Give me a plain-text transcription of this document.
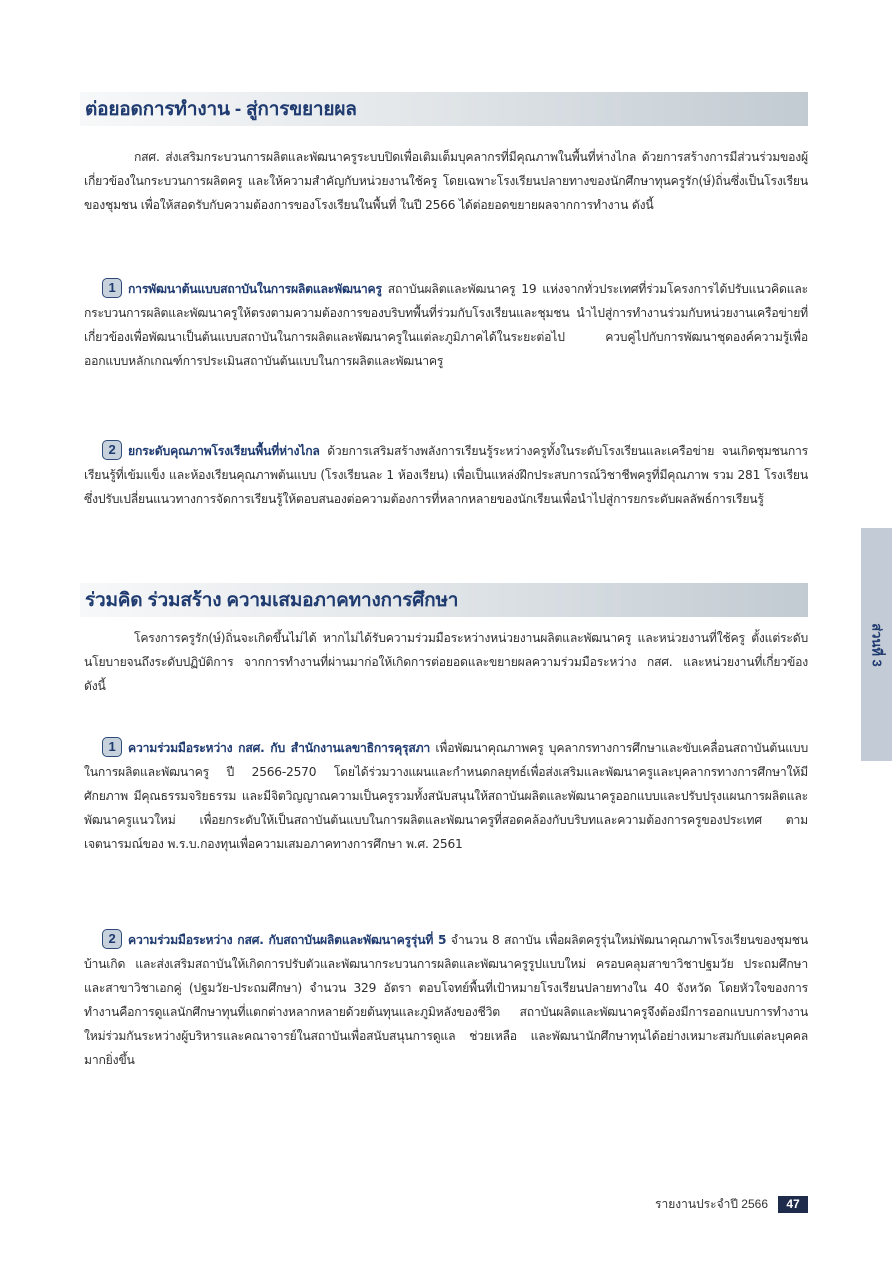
ต่อยอดการทำงาน - สู่การขยายผล

กสศ. ส่งเสริมกระบวนการผลิตและพัฒนาครูระบบปิดเพื่อเติมเต็มบุคลากรที่มีคุณภาพในพื้นที่ห่างไกล ด้วยการสร้างการมีส่วนร่วมของผู้เกี่ยวข้องในกระบวนการผลิตครู และให้ความสำคัญกับหน่วยงานใช้ครู โดยเฉพาะโรงเรียนปลายทางของนักศึกษาทุนครูรัก(ษ์)ถิ่นซึ่งเป็นโรงเรียนของชุมชน เพื่อให้สอดรับกับความต้องการของโรงเรียนในพื้นที่ ในปี 2566 ได้ต่อยอดขยายผลจากการทำงาน ดังนี้

1 การพัฒนาต้นแบบสถาบันในการผลิตและพัฒนาครู สถาบันผลิตและพัฒนาครู 19 แห่งจากทั่วประเทศที่ร่วมโครงการได้ปรับแนวคิดและกระบวนการผลิตและพัฒนาครูให้ตรงตามความต้องการของบริบทพื้นที่ร่วมกับโรงเรียนและชุมชน นำไปสู่การทำงานร่วมกับหน่วยงานเครือข่ายที่เกี่ยวข้องเพื่อพัฒนาเป็นต้นแบบสถาบันในการผลิตและพัฒนาครูในแต่ละภูมิภาคได้ในระยะต่อไป ควบคู่ไปกับการพัฒนาชุดองค์ความรู้เพื่อออกแบบหลักเกณฑ์การประเมินสถาบันต้นแบบในการผลิตและพัฒนาครู

2 ยกระดับคุณภาพโรงเรียนพื้นที่ห่างไกล ด้วยการเสริมสร้างพลังการเรียนรู้ระหว่างครูทั้งในระดับโรงเรียนและเครือข่าย จนเกิดชุมชนการเรียนรู้ที่เข้มแข็ง และห้องเรียนคุณภาพต้นแบบ (โรงเรียนละ 1 ห้องเรียน) เพื่อเป็นแหล่งฝึกประสบการณ์วิชาชีพครูที่มีคุณภาพ รวม 281 โรงเรียน ซึ่งปรับเปลี่ยนแนวทางการจัดการเรียนรู้ให้ตอบสนองต่อความต้องการที่หลากหลายของนักเรียนเพื่อนำไปสู่การยกระดับผลลัพธ์การเรียนรู้

ร่วมคิด ร่วมสร้าง ความเสมอภาคทางการศึกษา

โครงการครูรัก(ษ์)ถิ่นจะเกิดขึ้นไม่ได้ หากไม่ได้รับความร่วมมือระหว่างหน่วยงานผลิตและพัฒนาครู และหน่วยงานที่ใช้ครู ตั้งแต่ระดับนโยบายจนถึงระดับปฏิบัติการ จากการทำงานที่ผ่านมาก่อให้เกิดการต่อยอดและขยายผลความร่วมมือระหว่าง กสศ. และหน่วยงานที่เกี่ยวข้อง ดังนี้

1 ความร่วมมือระหว่าง กสศ. กับ สำนักงานเลขาธิการคุรุสภา เพื่อพัฒนาคุณภาพครู บุคลากรทางการศึกษาและขับเคลื่อนสถาบันต้นแบบในการผลิตและพัฒนาครู ปี 2566-2570 โดยได้ร่วมวางแผนและกำหนดกลยุทธ์เพื่อส่งเสริมและพัฒนาครูและบุคลากรทางการศึกษาให้มีศักยภาพ มีคุณธรรมจริยธรรม และมีจิตวิญญาณความเป็นครูรวมทั้งสนับสนุนให้สถาบันผลิตและพัฒนาครูออกแบบและปรับปรุงแผนการผลิตและพัฒนาครูแนวใหม่ เพื่อยกระดับให้เป็นสถาบันต้นแบบในการผลิตและพัฒนาครูที่สอดคล้องกับบริบทและความต้องการครูของประเทศ ตามเจตนารมณ์ของ พ.ร.บ.กองทุนเพื่อความเสมอภาคทางการศึกษา พ.ศ. 2561

2 ความร่วมมือระหว่าง กสศ. กับสถาบันผลิตและพัฒนาครูรุ่นที่ 5 จำนวน 8 สถาบัน เพื่อผลิตครูรุ่นใหม่พัฒนาคุณภาพโรงเรียนของชุมชนบ้านเกิด และส่งเสริมสถาบันให้เกิดการปรับตัวและพัฒนากระบวนการผลิตและพัฒนาครูรูปแบบใหม่ ครอบคลุมสาขาวิชาปฐมวัย ประถมศึกษา และสาขาวิชาเอกคู่ (ปฐมวัย-ประถมศึกษา) จำนวน 329 อัตรา ตอบโจทย์พื้นที่เป้าหมายโรงเรียนปลายทางใน 40 จังหวัด โดยหัวใจของการทำงานคือการดูแลนักศึกษาทุนที่แตกต่างหลากหลายด้วยต้นทุนและภูมิหลังของชีวิต สถาบันผลิตและพัฒนาครูจึงต้องมีการออกแบบการทำงานใหม่ร่วมกันระหว่างผู้บริหารและคณาจารย์ในสถาบันเพื่อสนับสนุนการดูแล ช่วยเหลือ และพัฒนานักศึกษาทุนได้อย่างเหมาะสมกับแต่ละบุคคลมากยิ่งขึ้น

ส่วนที่ 3
รายงานประจำปี 2566	47
